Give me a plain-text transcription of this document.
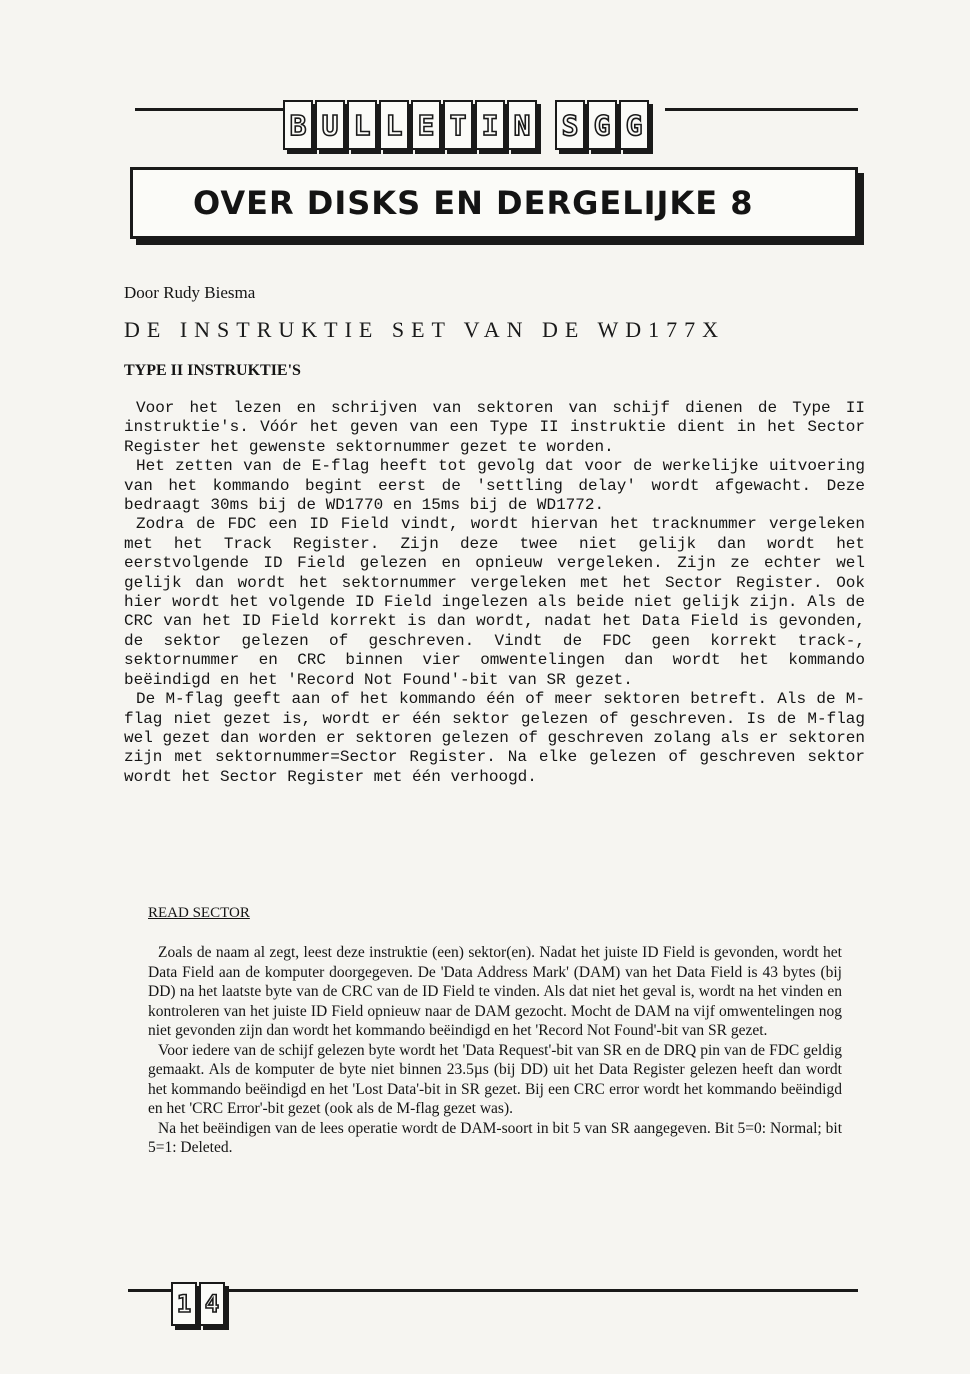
B U L L E T I N S G G
OVER DISKS EN DERGELIJKE 8
Door Rudy Biesma
DE INSTRUKTIE SET VAN DE WD177X
TYPE II INSTRUKTIE'S

Voor het lezen en schrijven van sektoren van schijf dienen de Type II instruktie's. Vóór het geven van een Type II instruktie dient in het Sector Register het gewenste sektornummer gezet te worden.

Het zetten van de E-flag heeft tot gevolg dat voor de werkelijke uitvoering van het kommando begint eerst de 'settling delay' wordt afgewacht. Deze bedraagt 30ms bij de WD1770 en 15ms bij de WD1772.

Zodra de FDC een ID Field vindt, wordt hiervan het tracknummer vergeleken met het Track Register. Zijn deze twee niet gelijk dan wordt het eerstvolgende ID Field gelezen en opnieuw vergeleken. Zijn ze echter wel gelijk dan wordt het sektornummer vergeleken met het Sector Register. Ook hier wordt het volgende ID Field ingelezen als beide niet gelijk zijn. Als de CRC van het ID Field korrekt is dan wordt, nadat het Data Field is gevonden, de sektor gelezen of geschreven. Vindt de FDC geen korrekt track-, sektornummer en CRC binnen vier omwentelingen dan wordt het kommando beëindigd en het 'Record Not Found'-bit van SR gezet.

De M-flag geeft aan of het kommando één of meer sektoren betreft. Als de M-flag niet gezet is, wordt er één sektor gelezen of geschreven. Is de M-flag wel gezet dan worden er sektoren gelezen of geschreven zolang als er sektoren zijn met sektornummer=Sector Register. Na elke gelezen of geschreven sektor wordt het Sector Register met één verhoogd.

READ SECTOR

Zoals de naam al zegt, leest deze instruktie (een) sektor(en). Nadat het juiste ID Field is gevonden, wordt het Data Field aan de komputer doorgegeven. De 'Data Address Mark' (DAM) van het Data Field is 43 bytes (bij DD) na het laatste byte van de CRC van de ID Field te vinden. Als dat niet het geval is, wordt na het vinden en kontroleren van het juiste ID Field opnieuw naar de DAM gezocht. Mocht de DAM na vijf omwentelingen nog niet gevonden zijn dan wordt het kommando beëindigd en het 'Record Not Found'-bit van SR gezet.

Voor iedere van de schijf gelezen byte wordt het 'Data Request'-bit van SR en de DRQ pin van de FDC geldig gemaakt. Als de komputer de byte niet binnen 23.5µs (bij DD) uit het Data Register gelezen heeft dan wordt het kommando beëindigd en het 'Lost Data'-bit in SR gezet. Bij een CRC error wordt het kommando beëindigd en het 'CRC Error'-bit gezet (ook als de M-flag gezet was).

Na het beëindigen van de lees operatie wordt de DAM-soort in bit 5 van SR aangegeven. Bit 5=0: Normal; bit 5=1: Deleted.

1 4
